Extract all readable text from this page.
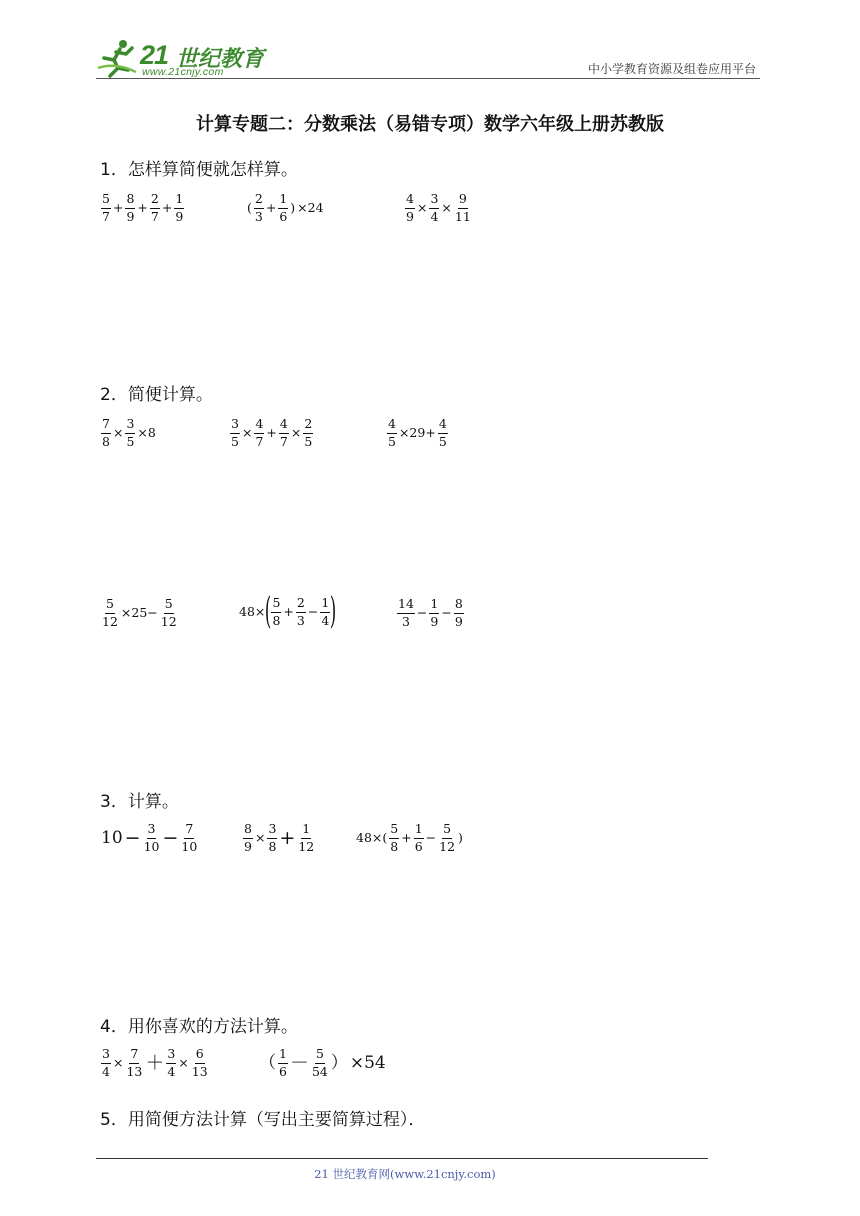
21 世纪教育
www.21cnjy.com	中小学教育资源及组卷应用平台
计算专题二：分数乘法（易错专项）数学六年级上册苏教版
1．怎样算简便就怎样算。
$\frac{5}{7} + \frac{8}{9} + \frac{2}{7} + \frac{1}{9}$	( $\frac{2}{3} + \frac{1}{6}$ ) ×24	$\frac{4}{9} \times \frac{3}{4} \times \frac{9}{11}$
2．简便计算。
$\frac{7}{8} \times \frac{3}{5} \times 8$	$\frac{3}{5} \times \frac{4}{7} + \frac{4}{7} \times \frac{2}{5}$	$\frac{4}{5} \times 29+ \frac{4}{5}$
$\frac{5}{12} \times 25- \frac{5}{12}$	48× ( $\frac{5}{8} + \frac{2}{3} - \frac{1}{4}$ )	$\frac{14}{3} - \frac{1}{9} - \frac{8}{9}$
3．计算。
$10 - \frac{3}{10} - \frac{7}{10}$	$\frac{8}{9} \times \frac{3}{8} + \frac{1}{12}$	$48\times( \frac{5}{8} + \frac{1}{6} - \frac{5}{12}$ )
4．用你喜欢的方法计算。
$\frac{3}{4} \times \frac{7}{13} + \frac{3}{4} \times \frac{6}{13}$	（ $\frac{1}{6} - \frac{5}{54}$ ） ×54
5．用简便方法计算（写出主要简算过程）．
21 世纪教育网(www.21cnjy.com)
